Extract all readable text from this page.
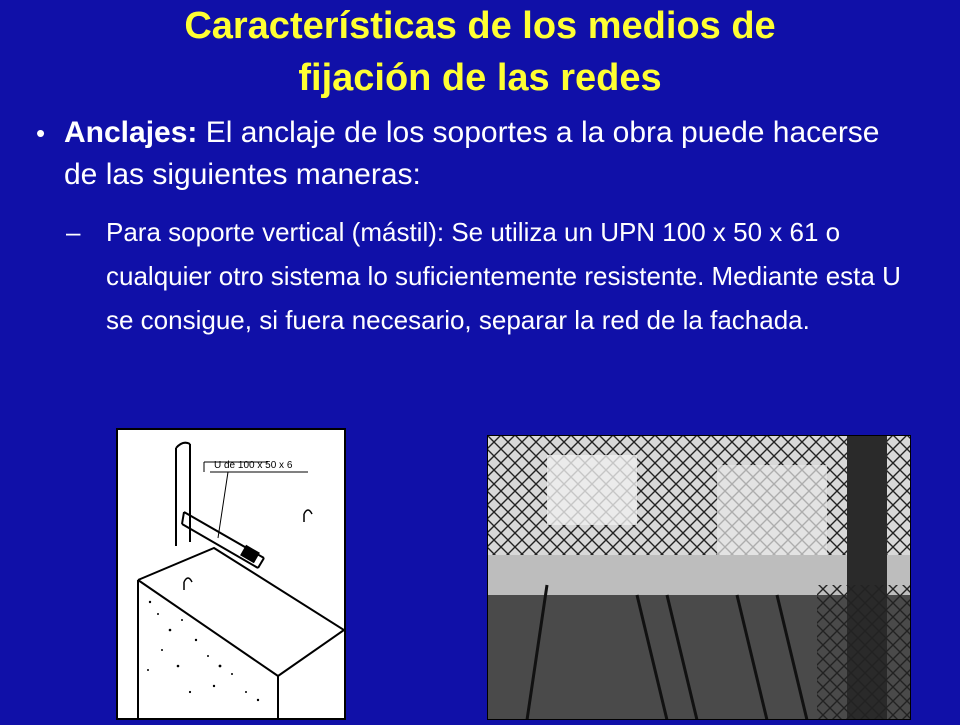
Características de los medios de
fijación de las redes
• Anclajes: El anclaje de los soportes a la obra puede hacerse de las siguientes maneras:
– Para soporte vertical (mástil): Se utiliza un UPN 100 x 50 x 61 o cualquier otro sistema lo suficientemente resistente. Mediante esta U se consigue, si fuera necesario, separar la red de la fachada.
U de 100 x 50 x 6
